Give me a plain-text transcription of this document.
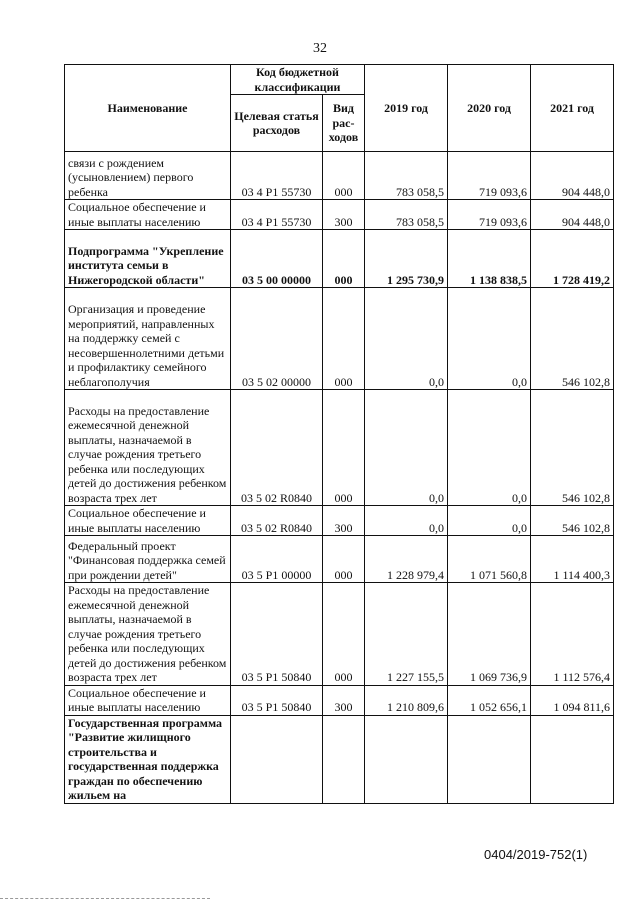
32
Наименование	Код бюджетной классификации		2019 год	2020 год	2021 год
	Целевая статья расходов	Вид рас-ходов			
связи с рождением (усыновлением) первого ребенка	03 4 P1 55730	000	783 058,5	719 093,6	904 448,0
Социальное обеспечение и иные выплаты населению	03 4 P1 55730	300	783 058,5	719 093,6	904 448,0
Подпрограмма "Укрепление института семьи в Нижегородской области"	03 5 00 00000	000	1 295 730,9	1 138 838,5	1 728 419,2
Организация и проведение мероприятий, направленных на поддержку семей с несовершеннолетними детьми и профилактику семейного неблагополучия	03 5 02 00000	000	0,0	0,0	546 102,8
Расходы на предоставление ежемесячной денежной выплаты, назначаемой в случае рождения третьего ребенка или последующих детей до достижения ребенком возраста трех лет	03 5 02 R0840	000	0,0	0,0	546 102,8
Социальное обеспечение и иные выплаты населению	03 5 02 R0840	300	0,0	0,0	546 102,8
Федеральный проект "Финансовая поддержка семей при рождении детей"	03 5 P1 00000	000	1 228 979,4	1 071 560,8	1 114 400,3
Расходы на предоставление ежемесячной денежной выплаты, назначаемой в случае рождения третьего ребенка или последующих детей до достижения ребенком возраста трех лет	03 5 P1 50840	000	1 227 155,5	1 069 736,9	1 112 576,4
Социальное обеспечение и иные выплаты населению	03 5 P1 50840	300	1 210 809,6	1 052 656,1	1 094 811,6
Государственная программа "Развитие жилищного строительства и государственная поддержка граждан по обеспечению жильем на					
0404/2019-752(1)
